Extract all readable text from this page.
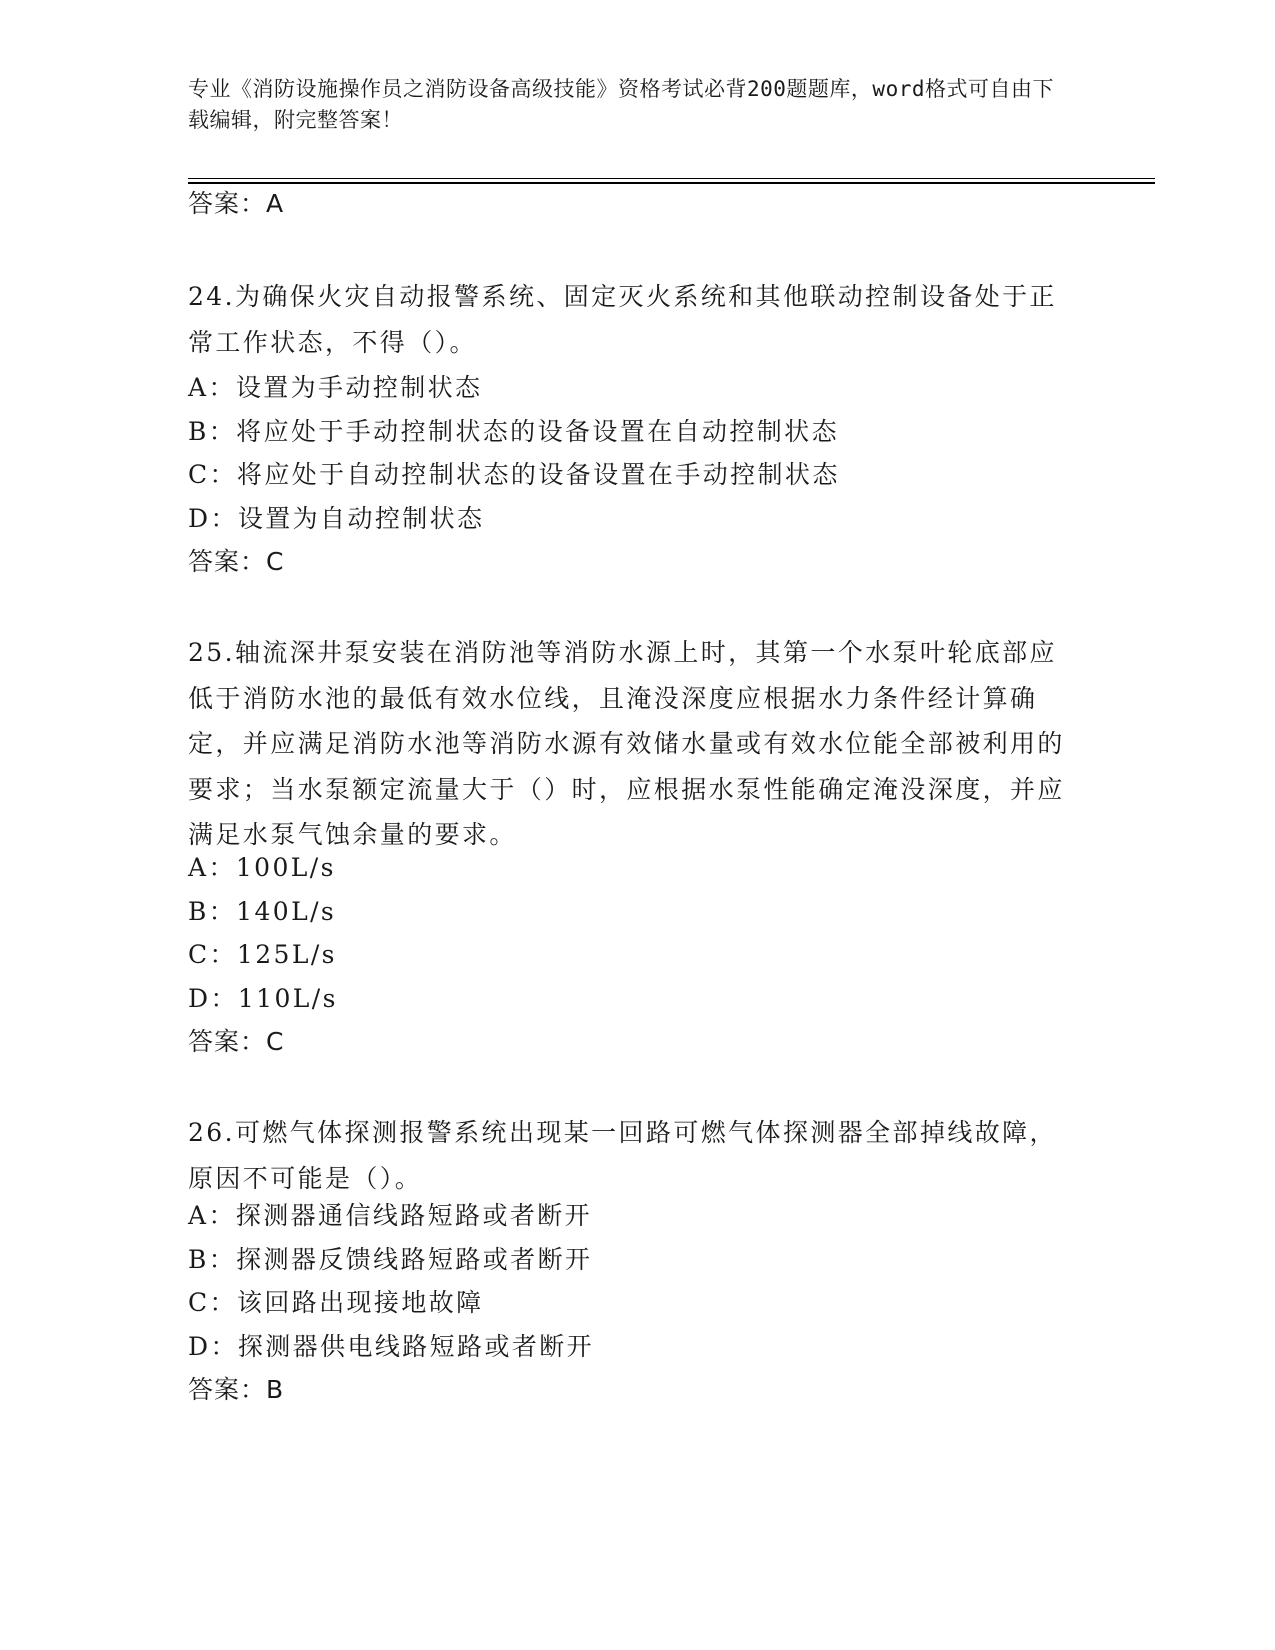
专业《消防设施操作员之消防设备高级技能》资格考试必背200题题库，word格式可自由下载编辑，附完整答案！
答案：A
24.为确保火灾自动报警系统、固定灭火系统和其他联动控制设备处于正常工作状态，不得（）。
A：设置为手动控制状态
B：将应处于手动控制状态的设备设置在自动控制状态
C：将应处于自动控制状态的设备设置在手动控制状态
D：设置为自动控制状态
答案：C
25.轴流深井泵安装在消防池等消防水源上时，其第一个水泵叶轮底部应低于消防水池的最低有效水位线，且淹没深度应根据水力条件经计算确定，并应满足消防水池等消防水源有效储水量或有效水位能全部被利用的要求；当水泵额定流量大于（）时，应根据水泵性能确定淹没深度，并应满足水泵气蚀余量的要求。
A：100L/s
B：140L/s
C：125L/s
D：110L/s
答案：C
26.可燃气体探测报警系统出现某一回路可燃气体探测器全部掉线故障，原因不可能是（）。
A：探测器通信线路短路或者断开
B：探测器反馈线路短路或者断开
C：该回路出现接地故障
D：探测器供电线路短路或者断开
答案：B
